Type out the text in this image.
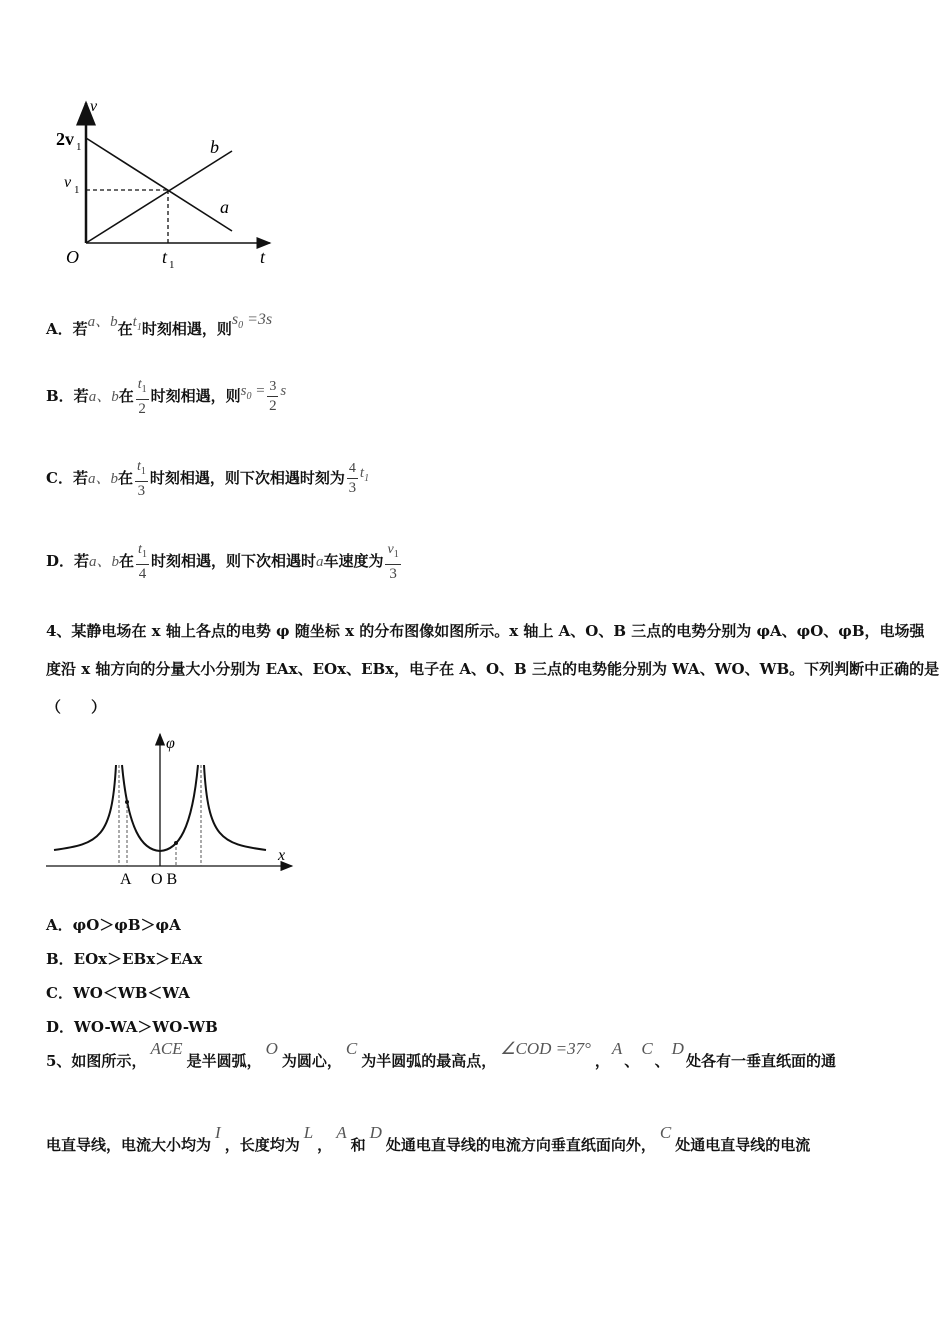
v
t
O
2v 1
v 1
t 1
b
a
A．若a、b在$t_1$时刻相遇，则$s_0 =3s$
B．若a、b在 $\frac{t_1}{2}$ 时刻相遇，则$s_0 = \frac{3}{2}$ s
C．若a、b在 $\frac{t_1}{3}$ 时刻相遇，则下次相遇时刻为 $\frac{4}{3} t_1$
D．若a、b在 $\frac{t_1}{4}$ 时刻相遇，则下次相遇时a车速度为 $\frac{v_1}{3}$
4、某静电场在 x 轴上各点的电势 φ 随坐标 x 的分布图像如图所示。x 轴上 A、O、B 三点的电势分别为 φA、φO、φB，电场强
度沿 x 轴方向的分量大小分别为 EAx、EOx、EBx，电子在 A、O、B 三点的电势能分别为 WA、WO、WB。下列判断中正确的是
（　　）
φ
x
A O B
A．φO＞φB＞φA
B．EOx＞EBx＞EAx
C．WO＜WB＜WA
D．WO-WA＞WO-WB
5、如图所示，ACE是半圆弧，O为圆心，C为半圆弧的最高点，∠COD =37°，A、C、D处各有一垂直纸面的通
电直导线，电流大小均为I，长度均为L，A和D处通电直导线的电流方向垂直纸面向外，C处通电直导线的电流
